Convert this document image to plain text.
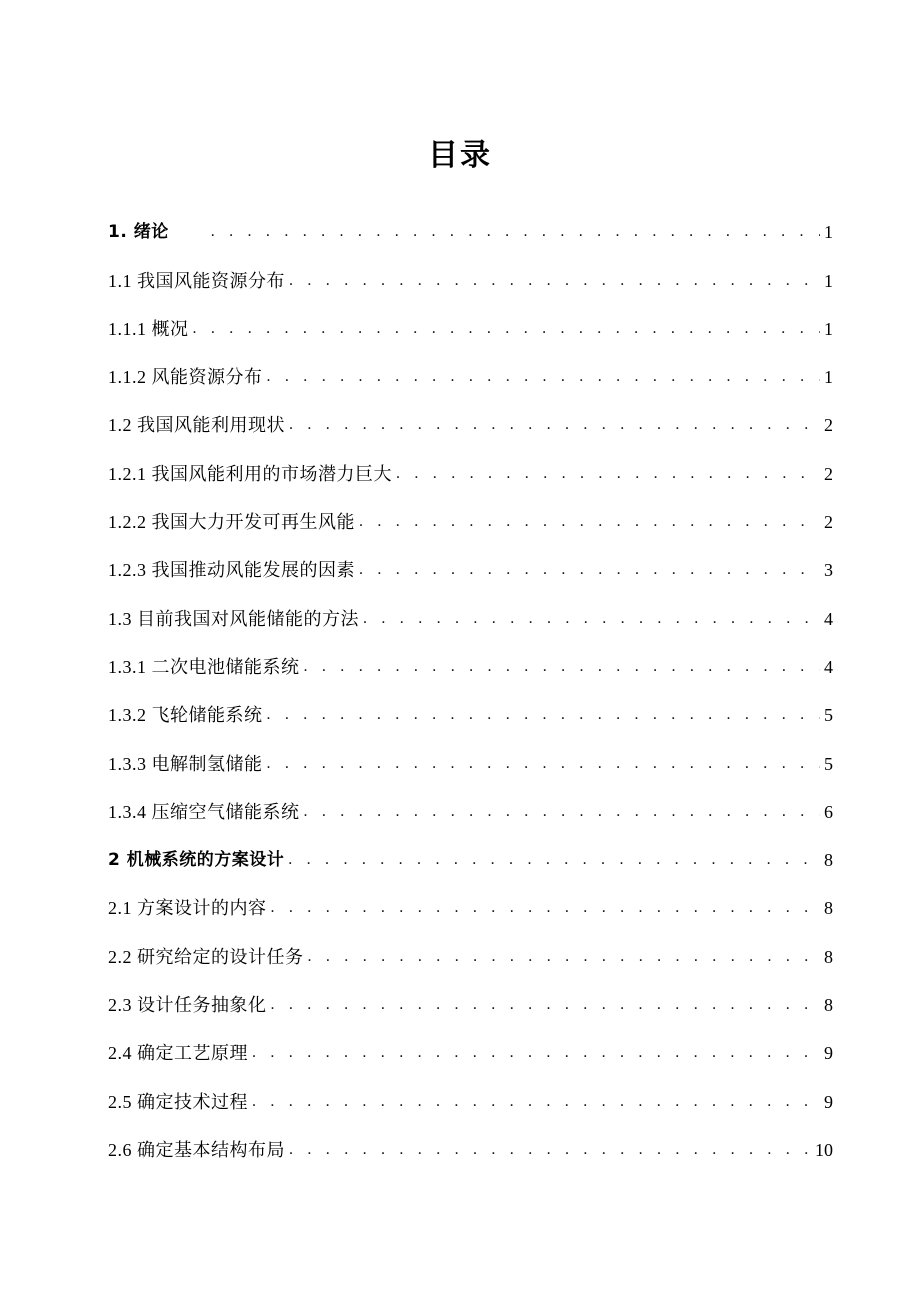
目录
1. 绪论 . . .	1
1.1 我国风能资源分布 . . .	1
1.1.1 概况 . . .	1
1.1.2 风能资源分布 . . .	1
1.2 我国风能利用现状 . . .	2
1.2.1 我国风能利用的市场潜力巨大 . . .	2
1.2.2 我国大力开发可再生风能 . . .	2
1.2.3 我国推动风能发展的因素 . . .	3
1.3 目前我国对风能储能的方法 . . .	4
1.3.1 二次电池储能系统 . . .	4
1.3.2 飞轮储能系统 . . .	5
1.3.3 电解制氢储能 . . .	5
1.3.4 压缩空气储能系统 . . .	6
2 机械系统的方案设计 . . .	8
2.1 方案设计的内容 . . .	8
2.2 研究给定的设计任务 . . .	8
2.3 设计任务抽象化 . . .	8
2.4 确定工艺原理 . . .	9
2.5 确定技术过程 . . .	9
2.6 确定基本结构布局 . . .	10
